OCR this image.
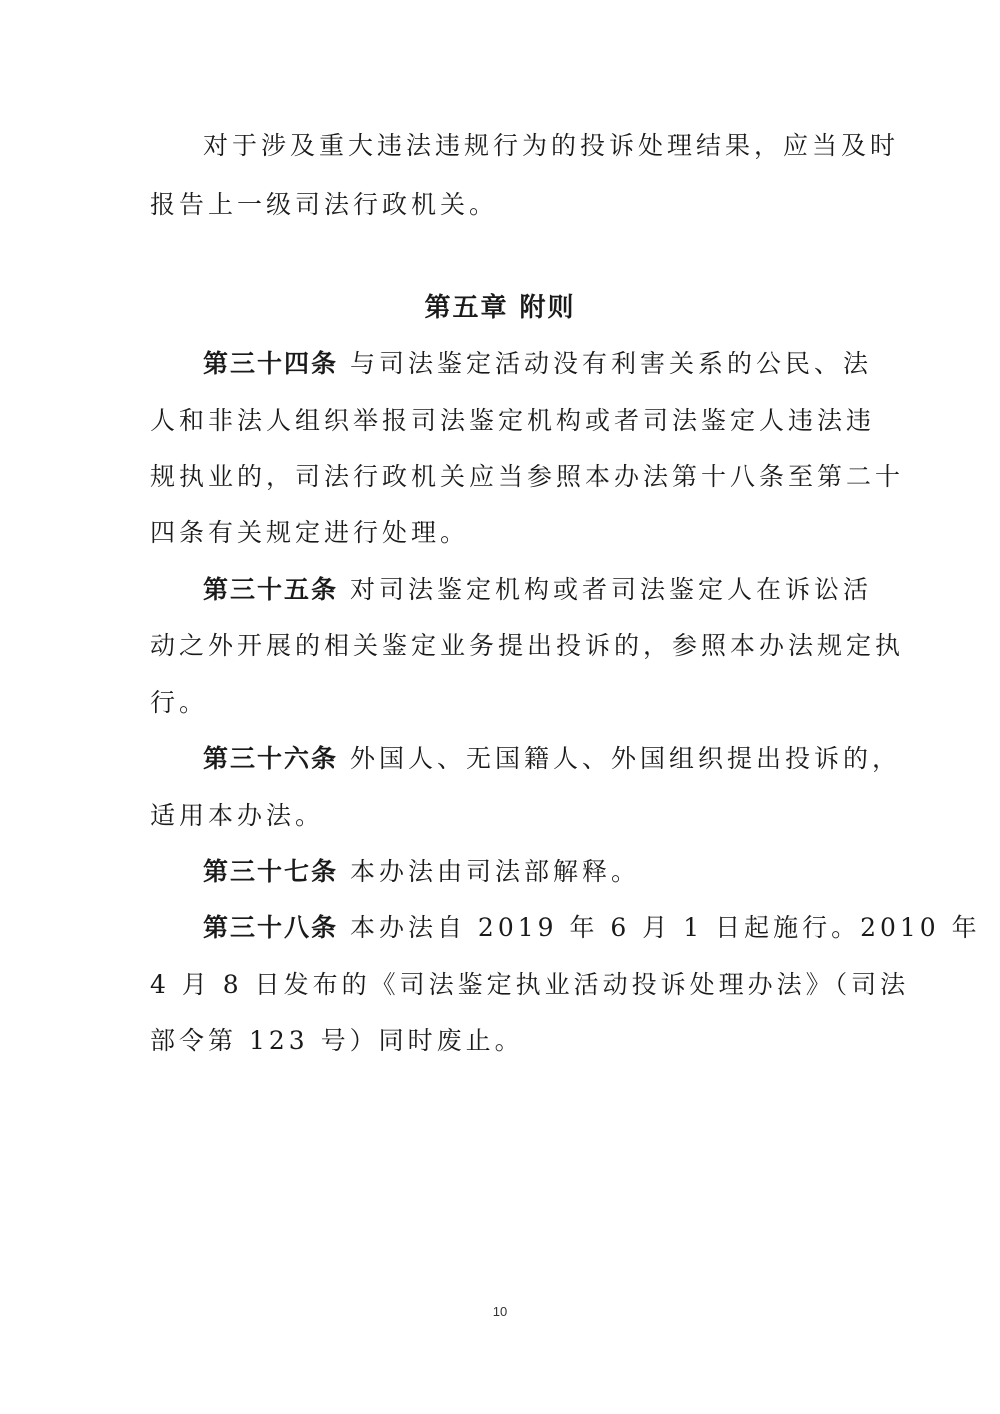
对于涉及重大违法违规行为的投诉处理结果，应当及时
报告上一级司法行政机关。
第五章 附则
第三十四条 与司法鉴定活动没有利害关系的公民、法
人和非法人组织举报司法鉴定机构或者司法鉴定人违法违
规执业的，司法行政机关应当参照本办法第十八条至第二十
四条有关规定进行处理。
第三十五条 对司法鉴定机构或者司法鉴定人在诉讼活
动之外开展的相关鉴定业务提出投诉的，参照本办法规定执
行。
第三十六条 外国人、无国籍人、外国组织提出投诉的，
适用本办法。
第三十七条 本办法由司法部解释。
第三十八条 本办法自 2019 年 6 月 1 日起施行。2010 年
4 月 8 日发布的《司法鉴定执业活动投诉处理办法》（司法
部令第 123 号）同时废止。
10
